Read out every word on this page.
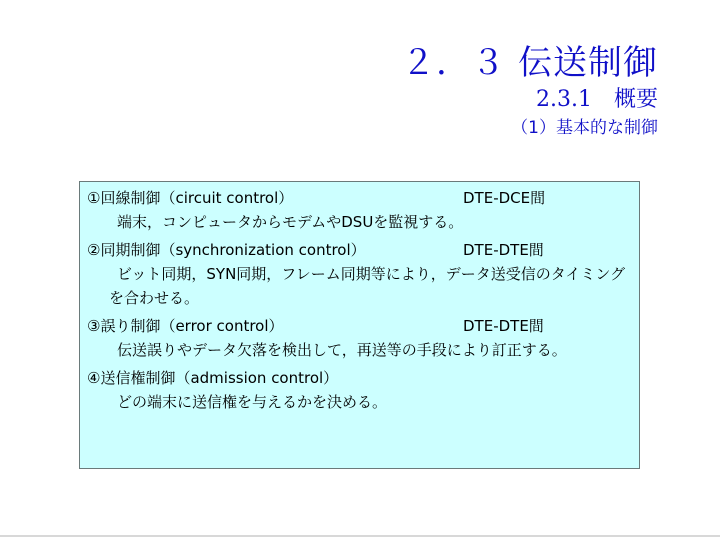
２．３ 伝送制御
2.3.1　概要
（1）基本的な制御
①回線制御（circuit control）	DTE-DCE間
端末，コンピュータからモデムやDSUを監視する。
②同期制御（synchronization control）	DTE-DTE間
ビット同期，SYN同期，フレーム同期等により，データ送受信のタイミングを合わせる。
③誤り制御（error control）	DTE-DTE間
伝送誤りやデータ欠落を検出して，再送等の手段により訂正する。
④送信権制御（admission control）
どの端末に送信権を与えるかを決める。
